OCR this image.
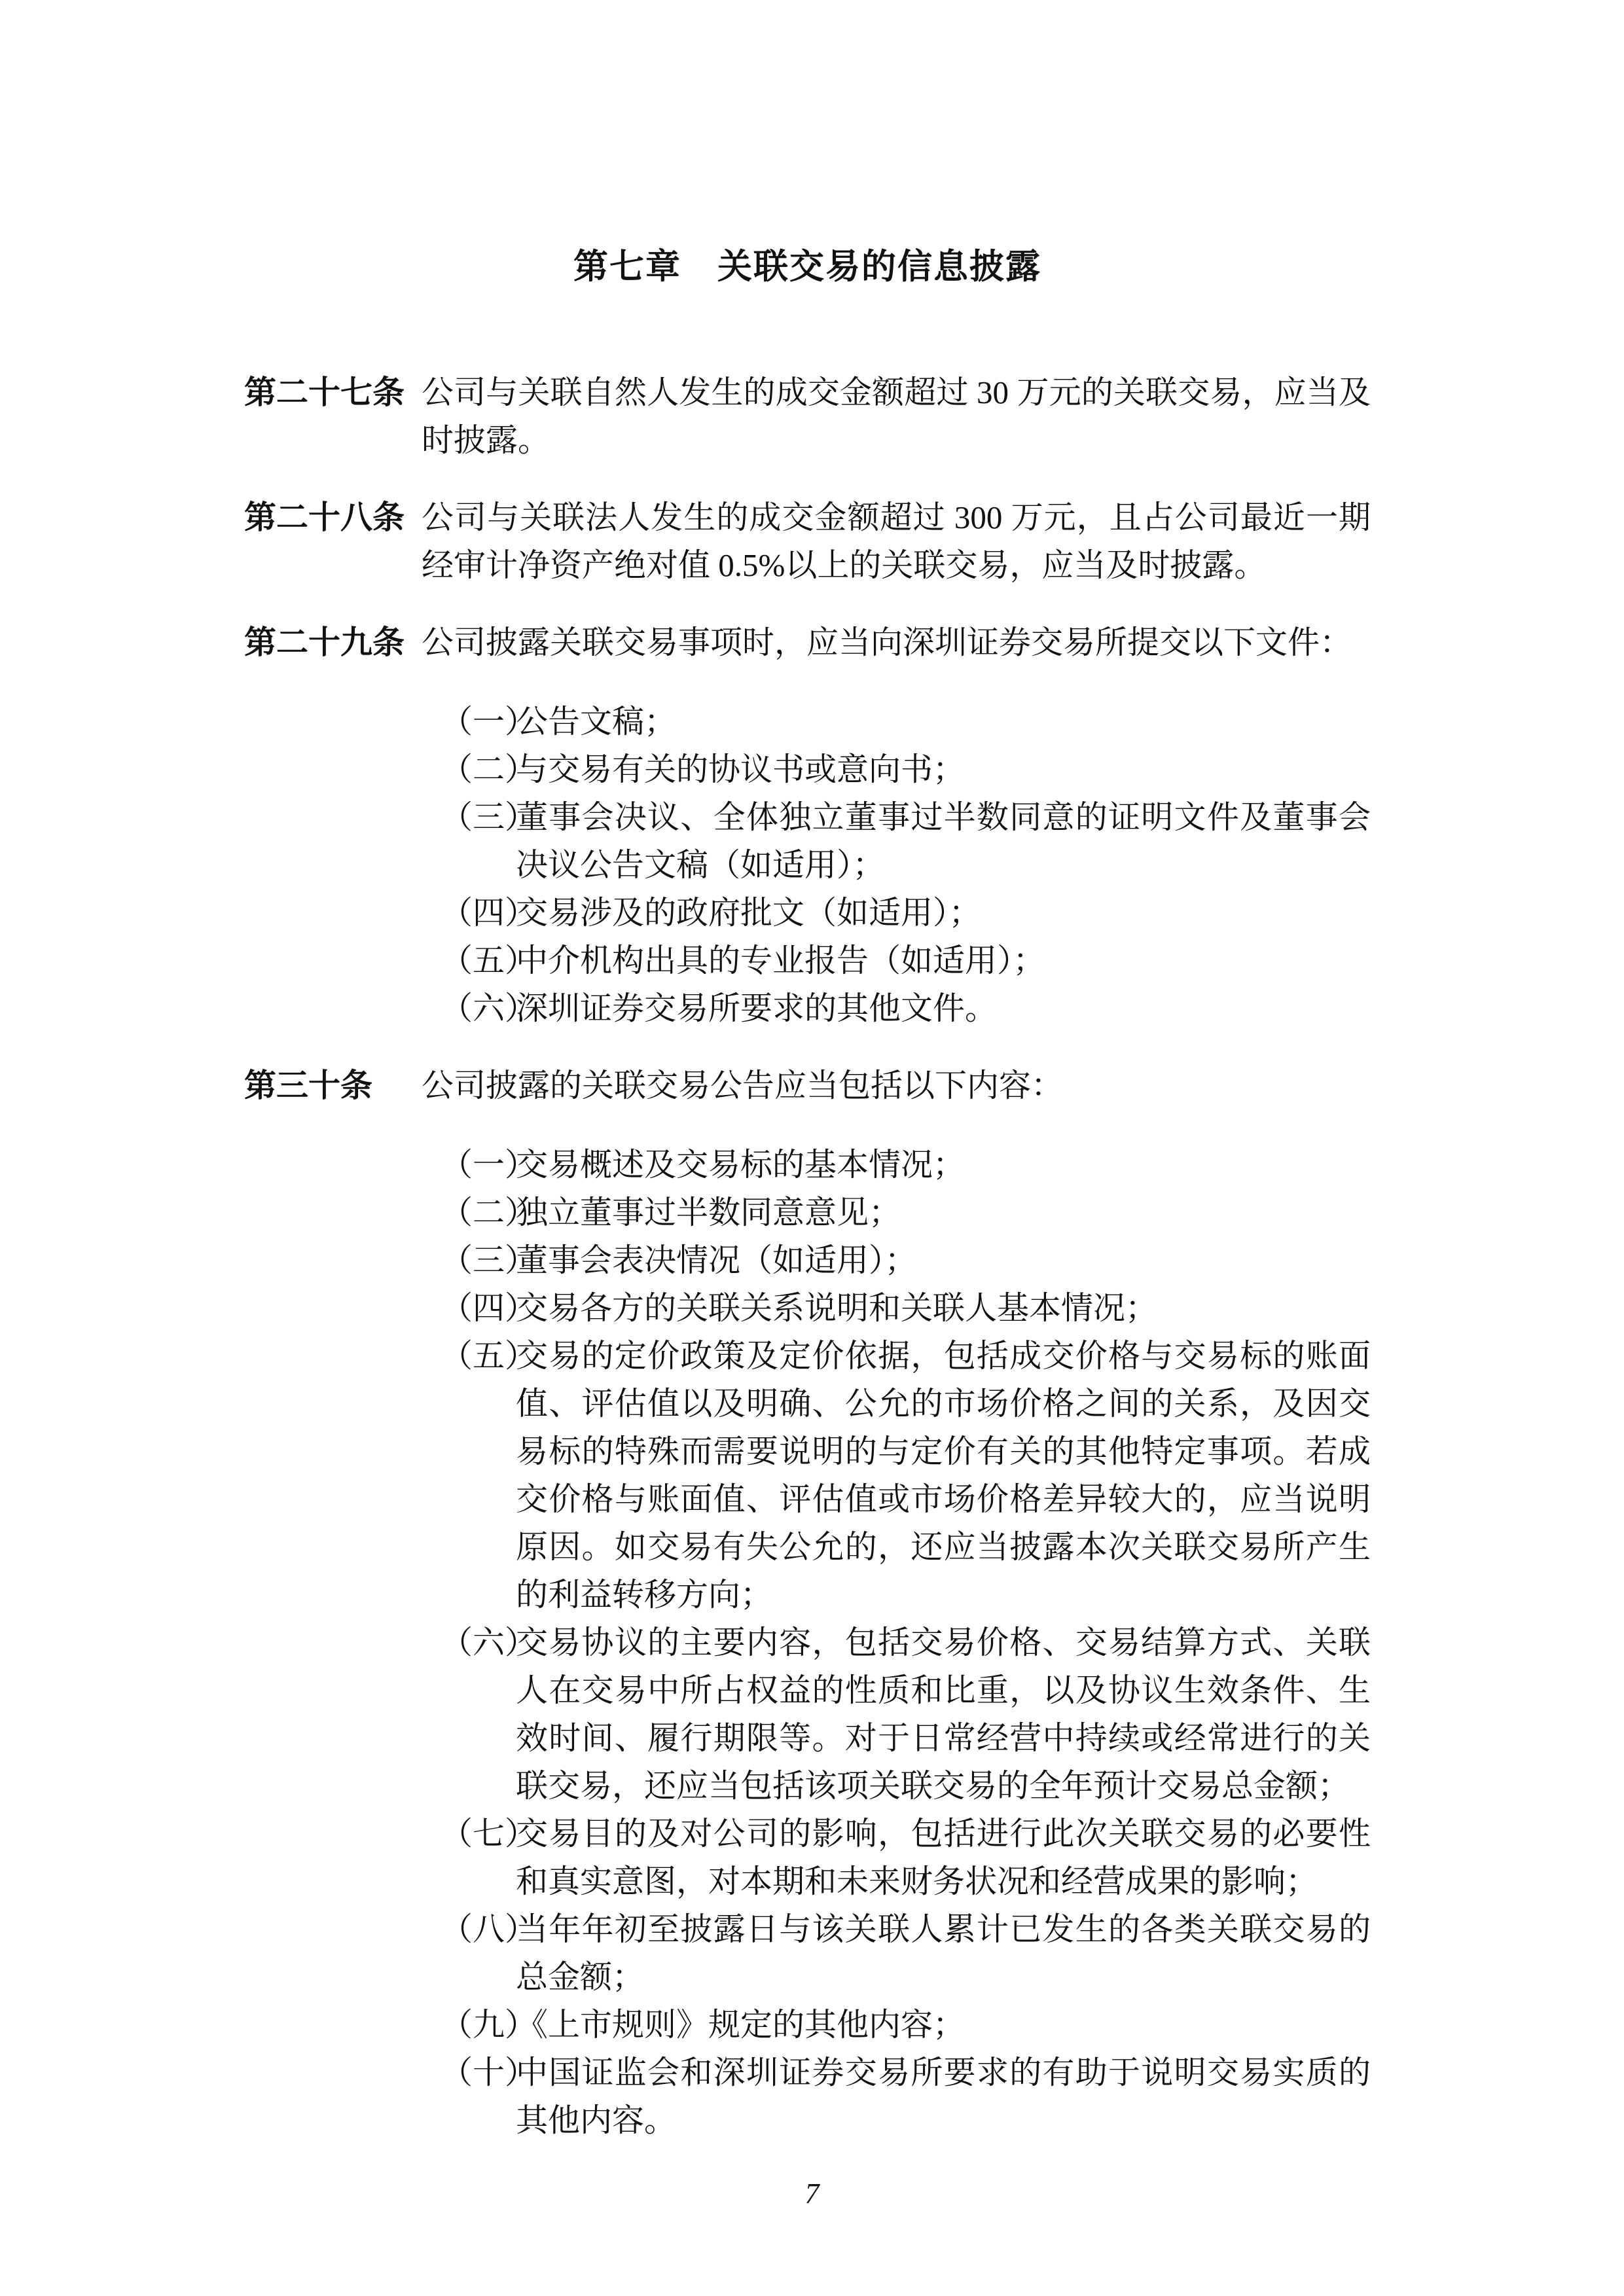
第七章　关联交易的信息披露
第二十七条 公司与关联自然人发生的成交金额超过 30 万元的关联交易，应当及时披露。
第二十八条 公司与关联法人发生的成交金额超过 300 万元，且占公司最近一期经审计净资产绝对值 0.5%以上的关联交易，应当及时披露。
第二十九条 公司披露关联交易事项时，应当向深圳证券交易所提交以下文件：
（一）
公告文稿；
（二）
与交易有关的协议书或意向书；
（三）
董事会决议、全体独立董事过半数同意的证明文件及董事会决议公告文稿（如适用）；
（四）
交易涉及的政府批文（如适用）；
（五）
中介机构出具的专业报告（如适用）；
（六）
深圳证券交易所要求的其他文件。
第三十条	公司披露的关联交易公告应当包括以下内容：
（一）
交易概述及交易标的基本情况；
（二）
独立董事过半数同意意见；
（三）
董事会表决情况（如适用）；
（四）
交易各方的关联关系说明和关联人基本情况；
（五）
交易的定价政策及定价依据，包括成交价格与交易标的账面值、评估值以及明确、公允的市场价格之间的关系，及因交易标的特殊而需要说明的与定价有关的其他特定事项。若成交价格与账面值、评估值或市场价格差异较大的，应当说明原因。如交易有失公允的，还应当披露本次关联交易所产生的利益转移方向；
（六）
交易协议的主要内容，包括交易价格、交易结算方式、关联人在交易中所占权益的性质和比重，以及协议生效条件、生效时间、履行期限等。对于日常经营中持续或经常进行的关联交易，还应当包括该项关联交易的全年预计交易总金额；
（七）
交易目的及对公司的影响，包括进行此次关联交易的必要性和真实意图，对本期和未来财务状况和经营成果的影响；
（八）
当年年初至披露日与该关联人累计已发生的各类关联交易的总金额；
（九）
《上市规则》规定的其他内容；
（十）
中国证监会和深圳证券交易所要求的有助于说明交易实质的其他内容。
7
